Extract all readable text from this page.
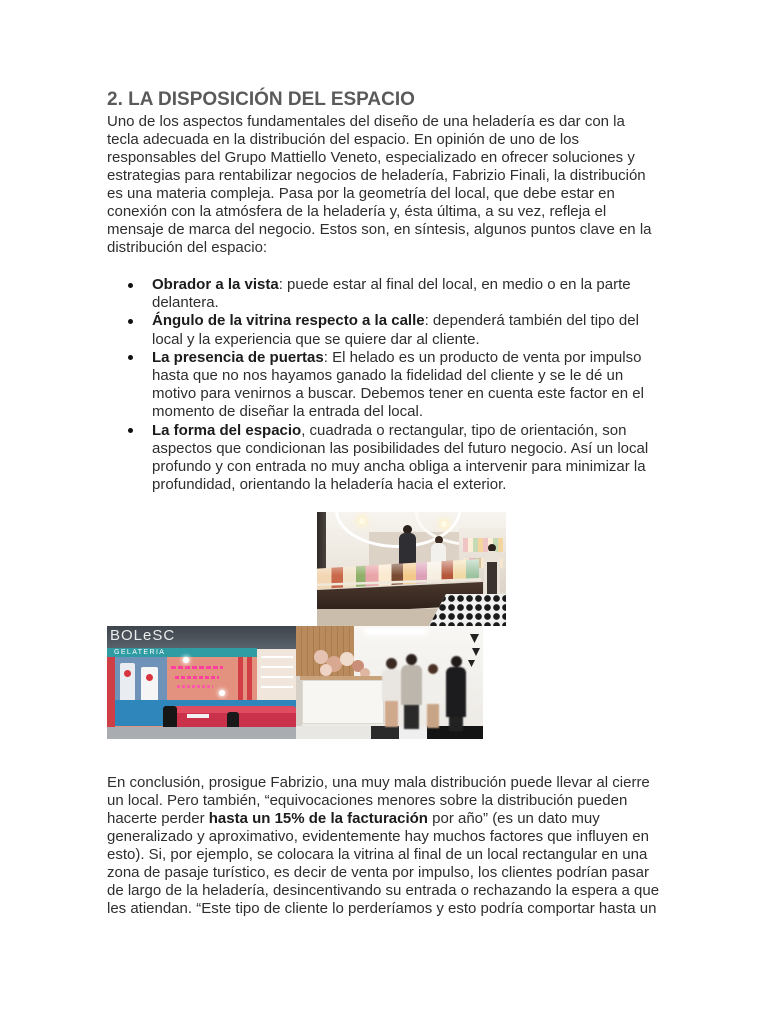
2. LA DISPOSICIÓN DEL ESPACIO
Uno de los aspectos fundamentales del diseño de una heladería es dar con la
tecla adecuada en la distribución del espacio. En opinión de uno de los
responsables del Grupo Mattiello Veneto, especializado en ofrecer soluciones y
estrategias para rentabilizar negocios de heladería, Fabrizio Finali, la distribución
es una materia compleja. Pasa por la geometría del local, que debe estar en
conexión con la atmósfera de la heladería y, ésta última, a su vez, refleja el
mensaje de marca del negocio. Estos son, en síntesis, algunos puntos clave en la
distribución del espacio:
Obrador a la vista: puede estar al final del local, en medio o en la parte
delantera.
Ángulo de la vitrina respecto a la calle: dependerá también del tipo del
local y la experiencia que se quiere dar al cliente.
La presencia de puertas: El helado es un producto de venta por impulso
hasta que no nos hayamos ganado la fidelidad del cliente y se le dé un
motivo para venirnos a buscar. Debemos tener en cuenta este factor en el
momento de diseñar la entrada del local.
La forma del espacio, cuadrada o rectangular, tipo de orientación, son
aspectos que condicionan las posibilidades del futuro negocio. Así un local
profundo y con entrada no muy ancha obliga a intervenir para minimizar la
profundidad, orientando la heladería hacia el exterior.
BOLeSC
GELATERIA
En conclusión, prosigue Fabrizio, una muy mala distribución puede llevar al cierre
un local. Pero también, “equivocaciones menores sobre la distribución pueden
hacerte perder hasta un 15% de la facturación por año” (es un dato muy
generalizado y aproximativo, evidentemente hay muchos factores que influyen en
esto). Si, por ejemplo, se colocara la vitrina al final de un local rectangular en una
zona de pasaje turístico, es decir de venta por impulso, los clientes podrían pasar
de largo de la heladería, desincentivando su entrada o rechazando la espera a que
les atiendan. “Este tipo de cliente lo perderíamos y esto podría comportar hasta un
